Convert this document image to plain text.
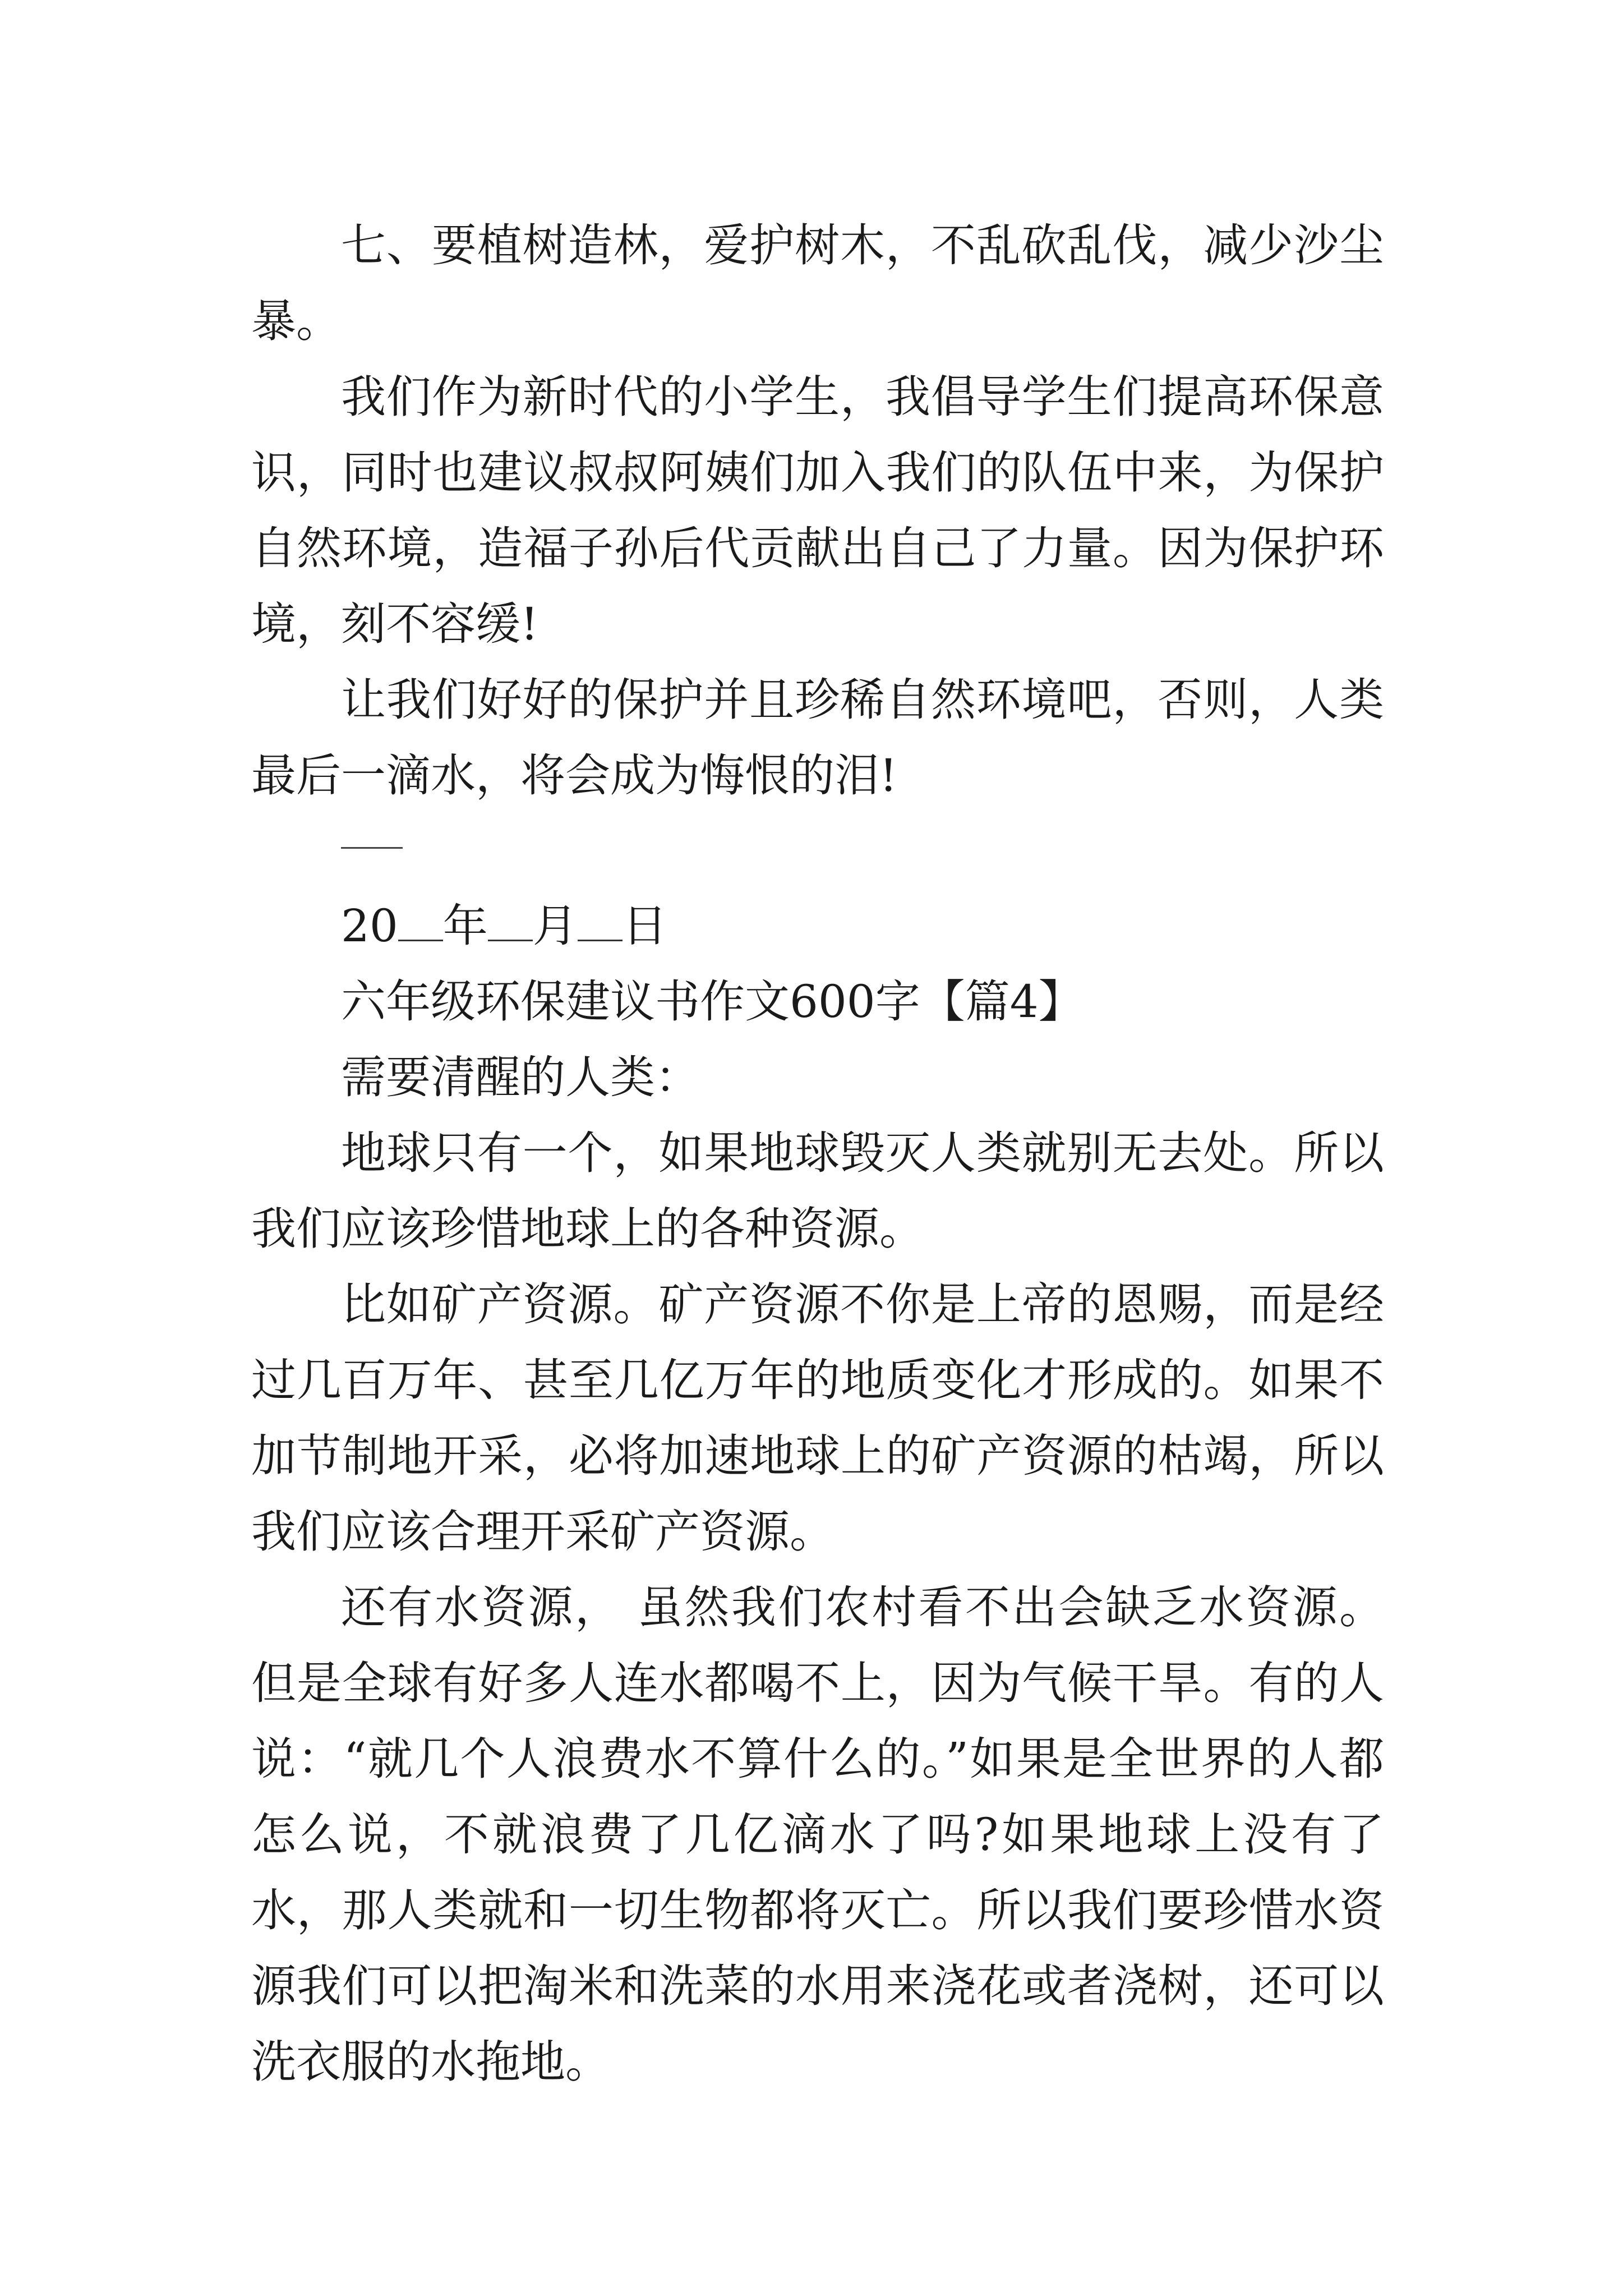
七、要植树造林，爱护树木，不乱砍乱伐，减少沙尘暴。

我们作为新时代的小学生，我倡导学生们提高环保意识，同时也建议叔叔阿姨们加入我们的队伍中来，为保护自然环境，造福子孙后代贡献出自己了力量。因为保护环境，刻不容缓!

让我们好好的保护并且珍稀自然环境吧，否则，人类最后一滴水，将会成为悔恨的泪!

20 年 月 日

六年级环保建议书作文600字【篇4】

需要清醒的人类：

地球只有一个，如果地球毁灭人类就别无去处。所以我们应该珍惜地球上的各种资源。

比如矿产资源。矿产资源不你是上帝的恩赐，而是经过几百万年、甚至几亿万年的地质变化才形成的。如果不加节制地开采，必将加速地球上的矿产资源的枯竭，所以我们应该合理开采矿产资源。

还有水资源， 虽然我们农村看不出会缺乏水资源。但是全球有好多人连水都喝不上，因为气候干旱。有的人说：“就几个人浪费水不算什么的。”如果是全世界的人都怎么说，不就浪费了几亿滴水了吗?如果地球上没有了水，那人类就和一切生物都将灭亡。所以我们要珍惜水资源我们可以把淘米和洗菜的水用来浇花或者浇树，还可以洗衣服的水拖地。
